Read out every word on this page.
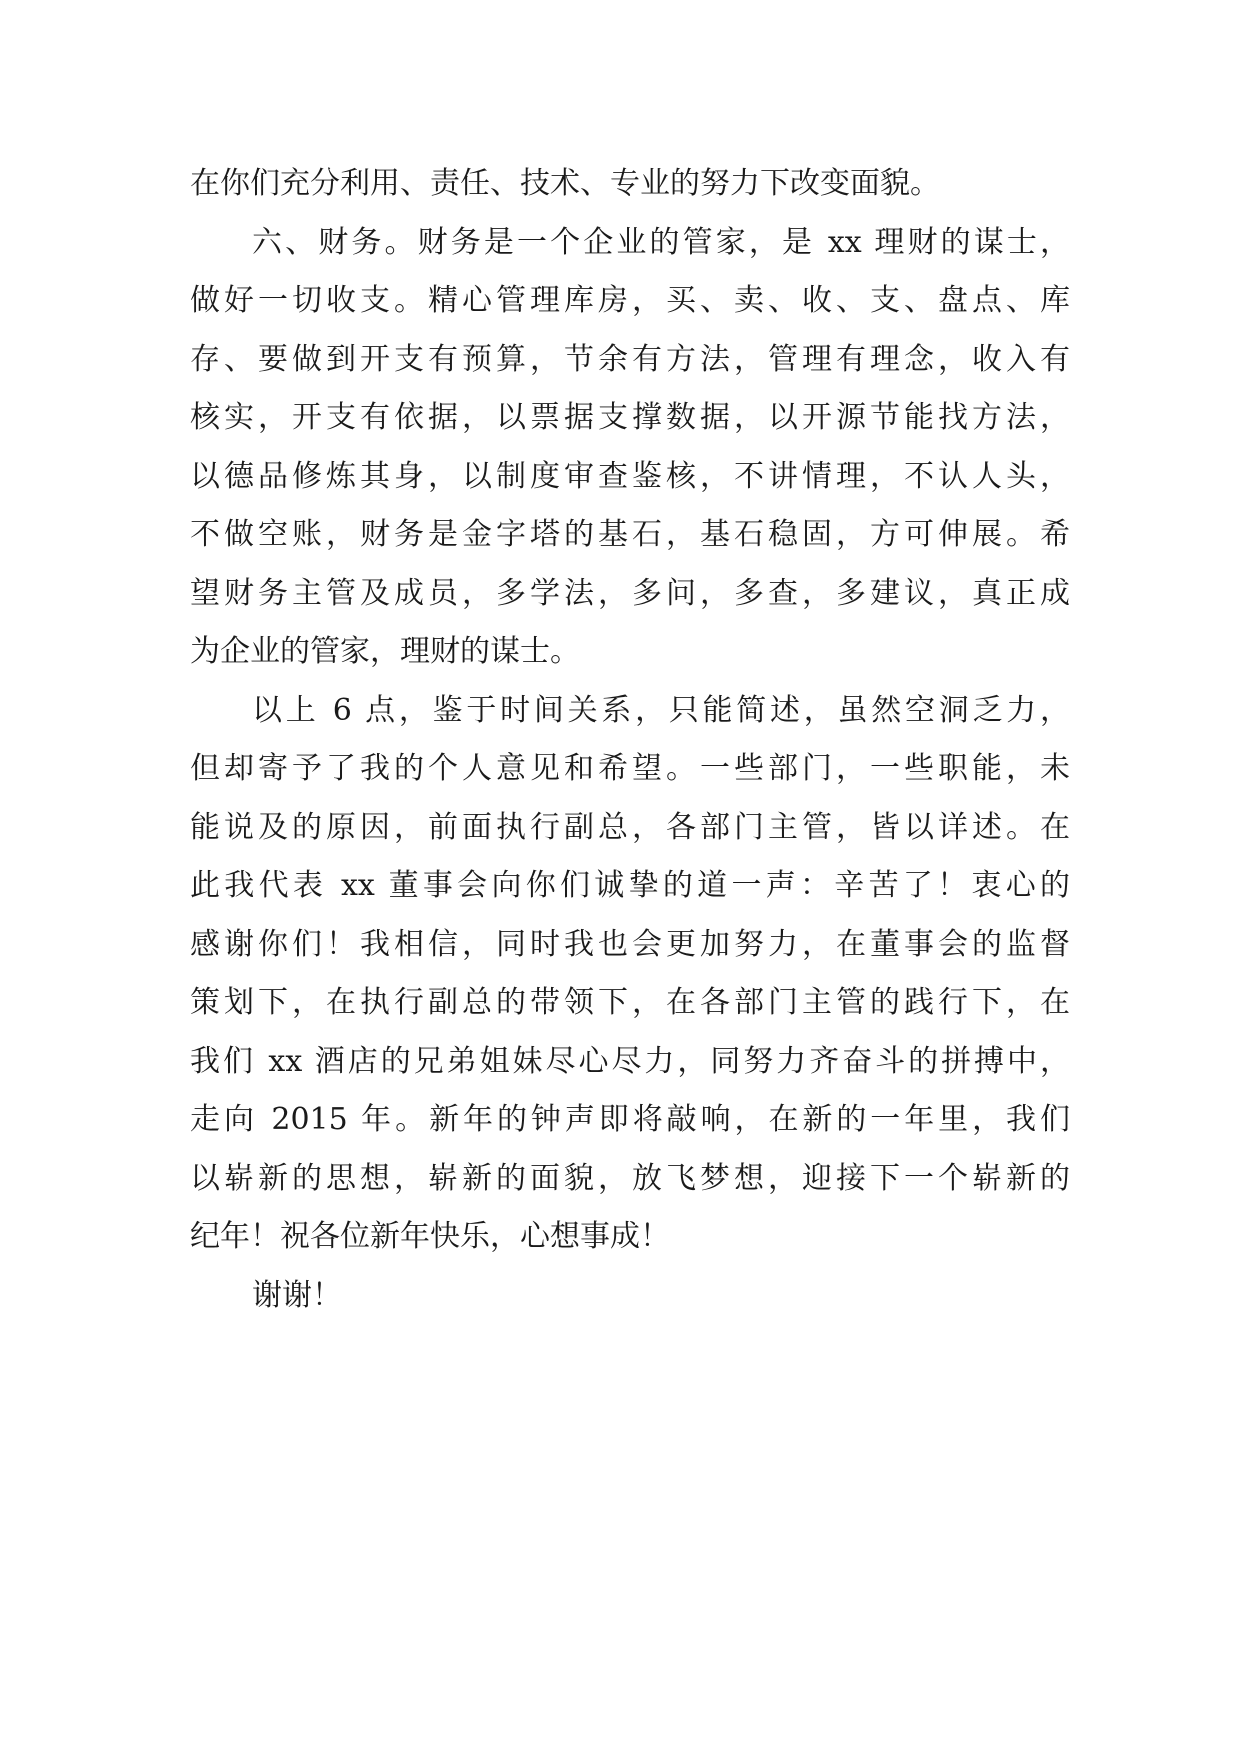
在你们充分利用、责任、技术、专业的努力下改变面貌。
六、财务。财务是一个企业的管家，是 xx 理财的谋士，
做好一切收支。精心管理库房，买、卖、收、支、盘点、库
存、要做到开支有预算，节余有方法，管理有理念，收入有
核实，开支有依据，以票据支撑数据，以开源节能找方法，
以德品修炼其身，以制度审查鉴核，不讲情理，不认人头，
不做空账，财务是金字塔的基石，基石稳固，方可伸展。希
望财务主管及成员，多学法，多问，多查，多建议，真正成
为企业的管家，理财的谋士。
以上 6 点，鉴于时间关系，只能简述，虽然空洞乏力，
但却寄予了我的个人意见和希望。一些部门，一些职能，未
能说及的原因，前面执行副总，各部门主管，皆以详述。在
此我代表 xx 董事会向你们诚挚的道一声：辛苦了！衷心的
感谢你们！我相信，同时我也会更加努力，在董事会的监督
策划下，在执行副总的带领下，在各部门主管的践行下，在
我们 xx 酒店的兄弟姐妹尽心尽力，同努力齐奋斗的拼搏中，
走向 2015 年。新年的钟声即将敲响，在新的一年里，我们
以崭新的思想，崭新的面貌，放飞梦想，迎接下一个崭新的
纪年！祝各位新年快乐，心想事成！
谢谢！
